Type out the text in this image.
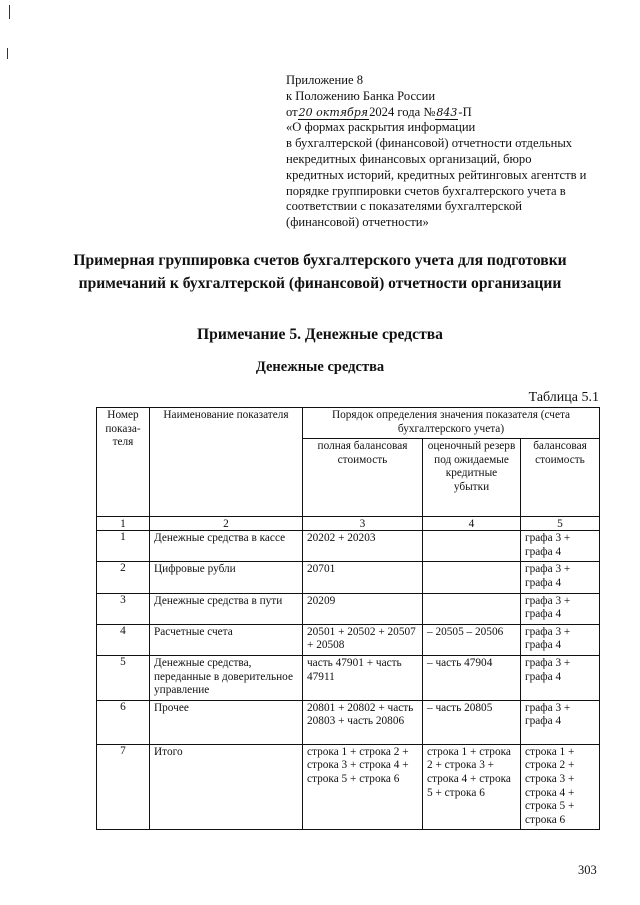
Приложение 8
к Положению Банка России
от20 октября2024 года №843-П
«О формах раскрытия информации
в бухгалтерской (финансовой) отчетности отдельных
некредитных финансовых организаций, бюро
кредитных историй, кредитных рейтинговых агентств и
порядке группировки счетов бухгалтерского учета в
соответствии с показателями бухгалтерской
(финансовой) отчетности»
Примерная группировка счетов бухгалтерского учета для подготовки
примечаний к бухгалтерской (финансовой) отчетности организации
Примечание 5. Денежные средства
Денежные средства
Таблица 5.1
Номер показа-теля	Наименование показателя	Порядок определения значения показателя (счета бухгалтерского учета)		
		полная балансовая стоимость	оценочный резерв под ожидаемые кредитные убытки	балансовая стоимость
1	2	3	4	5
1	Денежные средства в кассе	20202 + 20203		графа 3 + графа 4
2	Цифровые рубли	20701		графа 3 + графа 4
3	Денежные средства в пути	20209		графа 3 + графа 4
4	Расчетные счета	20501 + 20502 + 20507 + 20508	– 20505 – 20506	графа 3 + графа 4
5	Денежные средства, переданные в доверительное управление	часть 47901 + часть 47911	– часть 47904	графа 3 + графа 4
6	Прочее	20801 + 20802 + часть 20803 + часть 20806	– часть 20805	графа 3 + графа 4
7	Итого	строка 1 + строка 2 + строка 3 + строка 4 + строка 5 + строка 6	строка 1 + строка 2 + строка 3 + строка 4 + строка 5 + строка 6	строка 1 + строка 2 + строка 3 + строка 4 + строка 5 + строка 6
303
